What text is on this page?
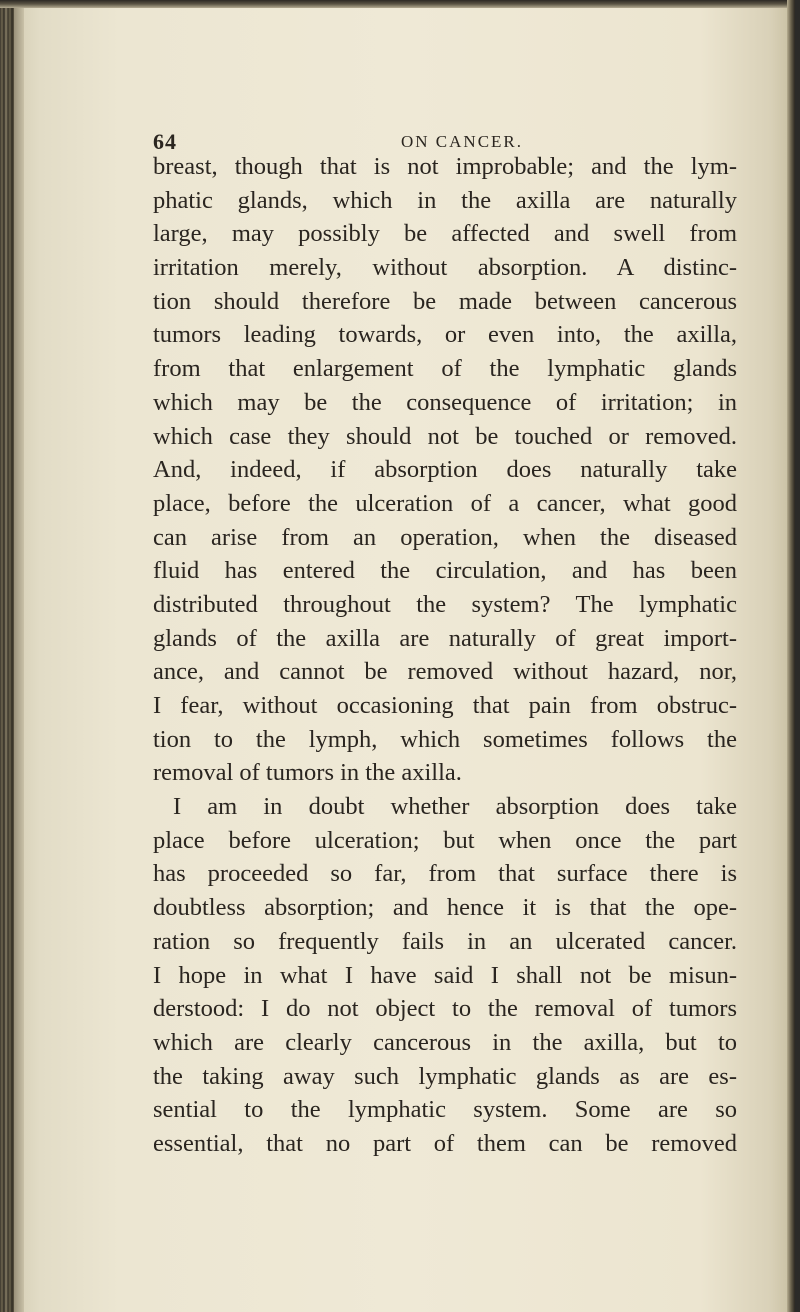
64	ON CANCER.
breast, though that is not improbable; and the lym-
phatic glands, which in the axilla are naturally
large, may possibly be affected and swell from
irritation merely, without absorption. A distinc-
tion should therefore be made between cancerous
tumors leading towards, or even into, the axilla,
from that enlargement of the lymphatic glands
which may be the consequence of irritation; in
which case they should not be touched or removed.
And, indeed, if absorption does naturally take
place, before the ulceration of a cancer, what good
can arise from an operation, when the diseased
fluid has entered the circulation, and has been
distributed throughout the system? The lymphatic
glands of the axilla are naturally of great import-
ance, and cannot be removed without hazard, nor,
I fear, without occasioning that pain from obstruc-
tion to the lymph, which sometimes follows the
removal of tumors in the axilla.
I am in doubt whether absorption does take
place before ulceration; but when once the part
has proceeded so far, from that surface there is
doubtless absorption; and hence it is that the ope-
ration so frequently fails in an ulcerated cancer.
I hope in what I have said I shall not be misun-
derstood: I do not object to the removal of tumors
which are clearly cancerous in the axilla, but to
the taking away such lymphatic glands as are es-
sential to the lymphatic system. Some are so
essential, that no part of them can be removed
